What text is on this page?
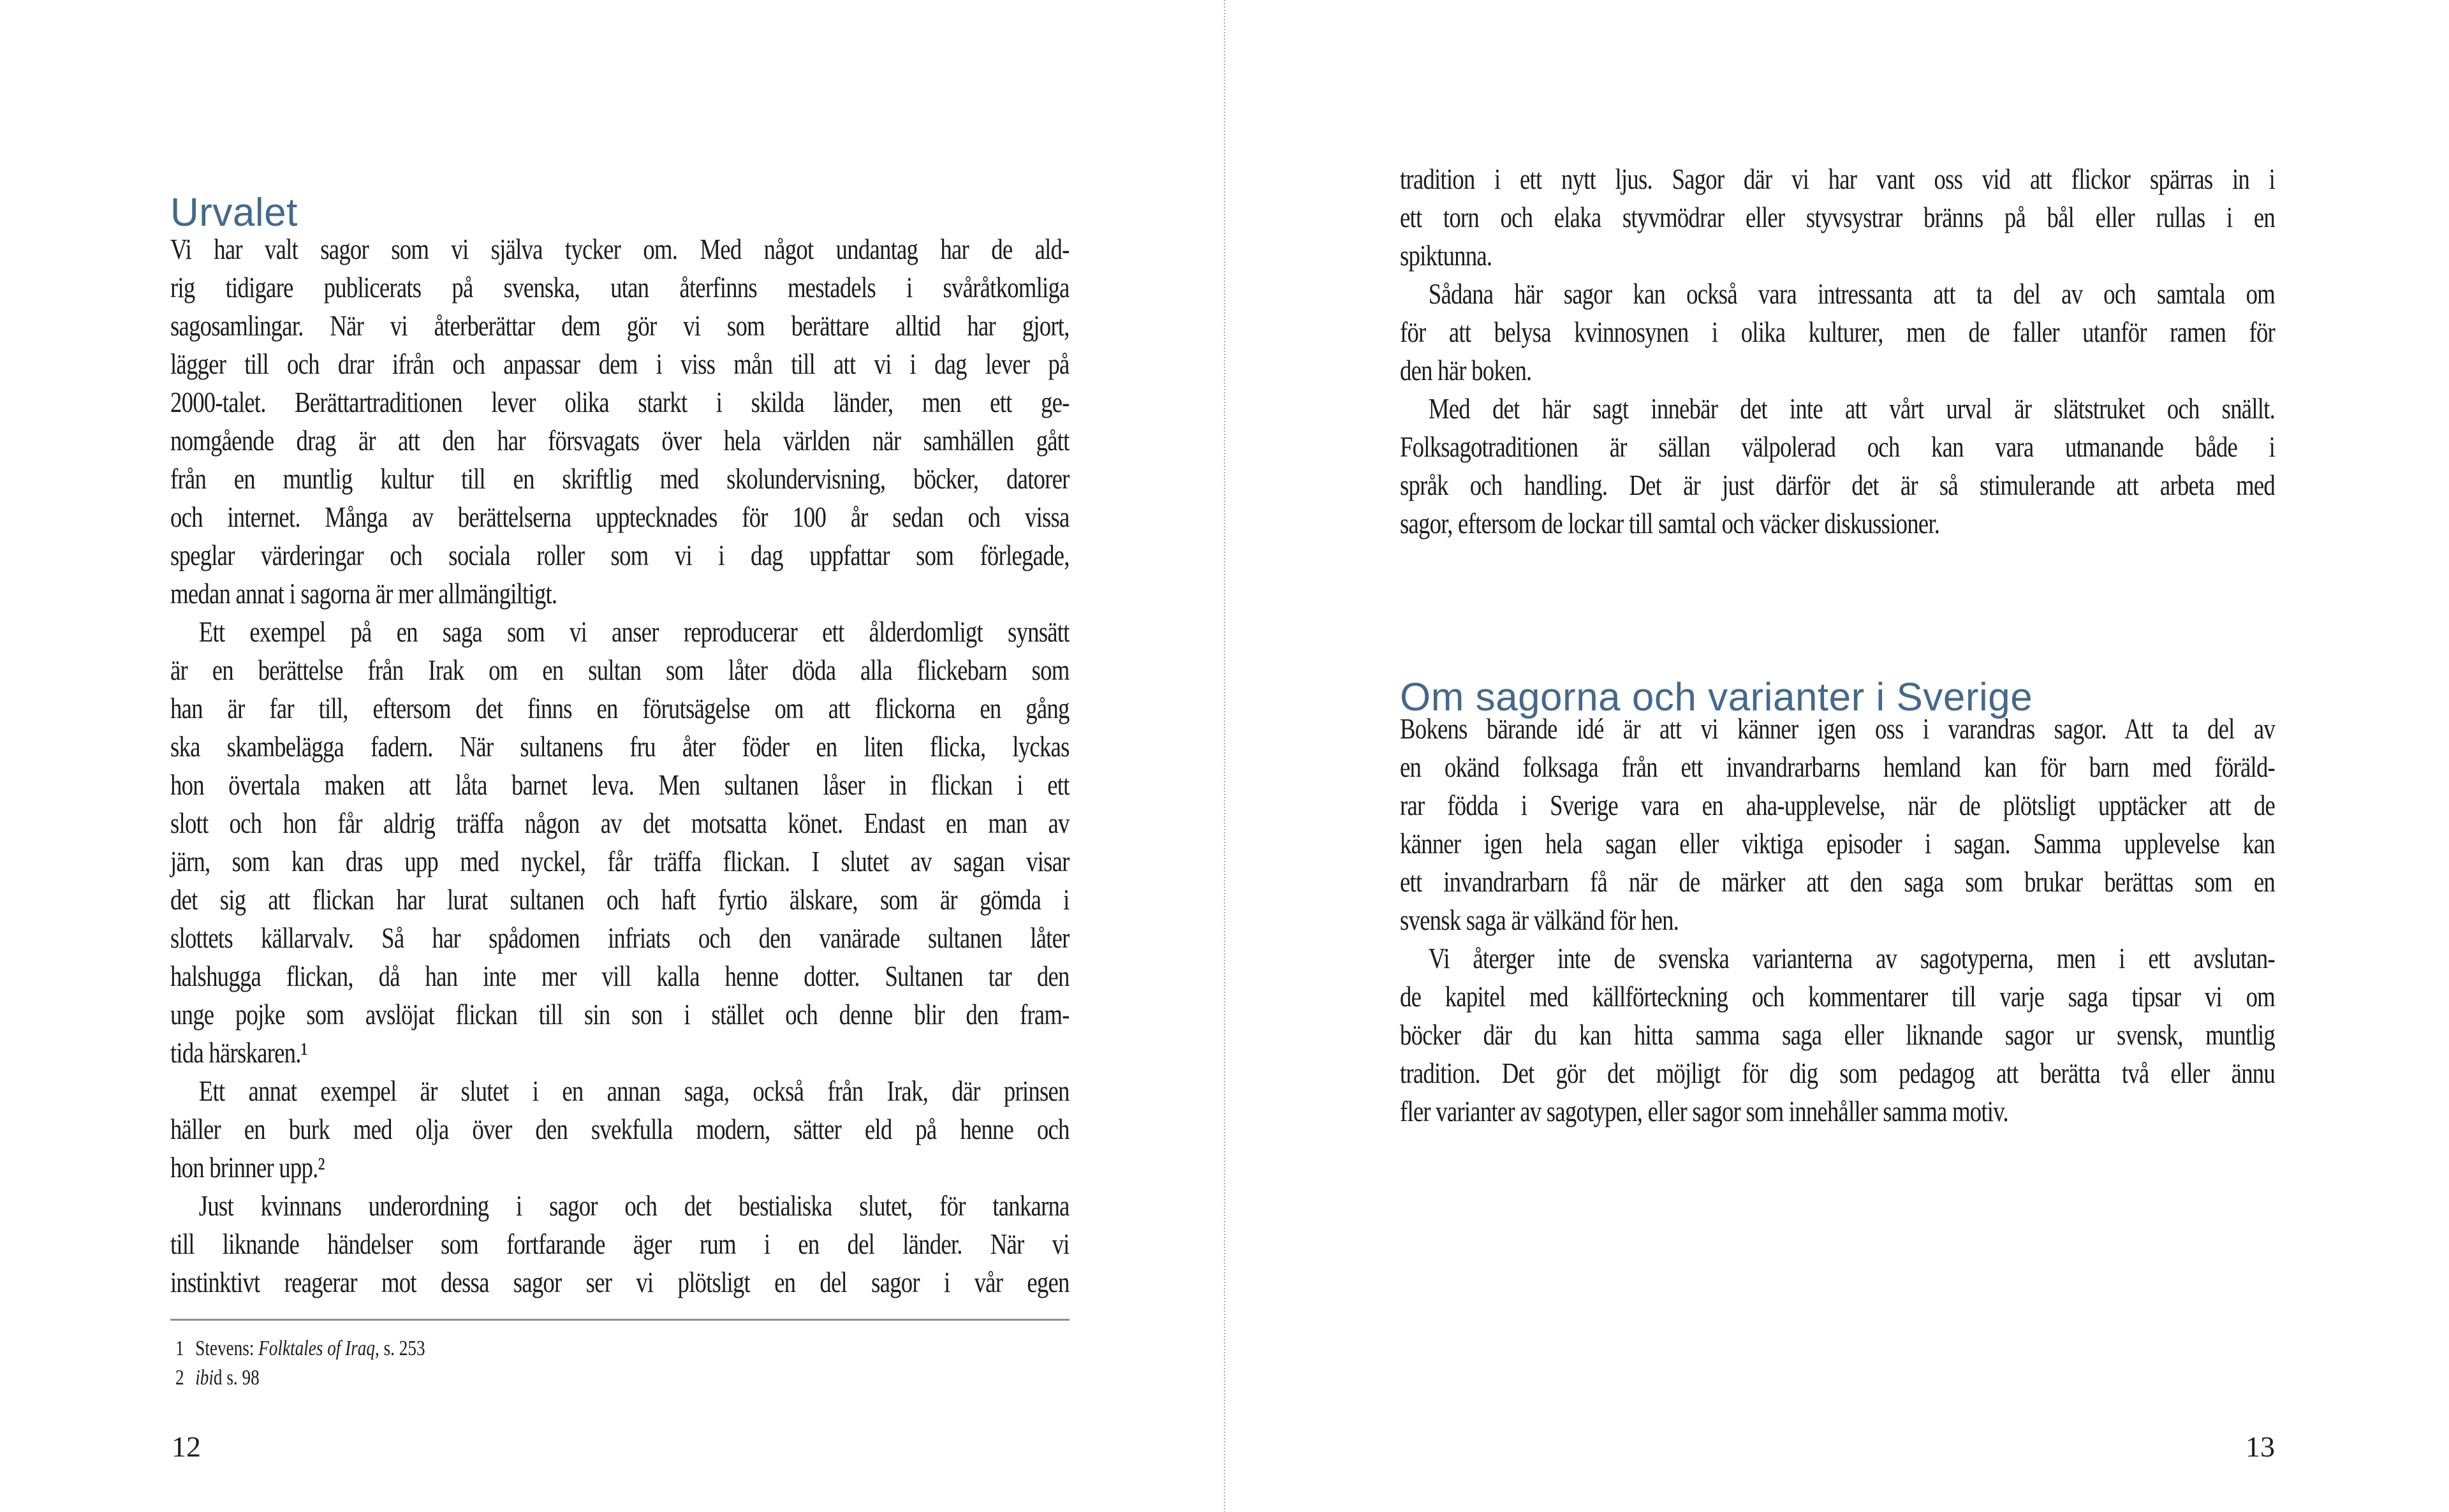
Urvalet
Vi har valt sagor som vi själva tycker om. Med något undantag har de ald-
rig tidigare publicerats på svenska, utan återfinns mestadels i svåråtkomliga
sagosamlingar. När vi återberättar dem gör vi som berättare alltid har gjort,
lägger till och drar ifrån och anpassar dem i viss mån till att vi i dag lever på
2000-talet. Berättartraditionen lever olika starkt i skilda länder, men ett ge-
nomgående drag är att den har försvagats över hela världen när samhällen gått
från en muntlig kultur till en skriftlig med skolundervisning, böcker, datorer
och internet. Många av berättelserna upptecknades för 100 år sedan och vissa
speglar värderingar och sociala roller som vi i dag uppfattar som förlegade,
medan annat i sagorna är mer allmängiltigt.
Ett exempel på en saga som vi anser reproducerar ett ålderdomligt synsätt
är en berättelse från Irak om en sultan som låter döda alla flickebarn som
han är far till, eftersom det finns en förutsägelse om att flickorna en gång
ska skambelägga fadern. När sultanens fru åter föder en liten flicka, lyckas
hon övertala maken att låta barnet leva. Men sultanen låser in flickan i ett
slott och hon får aldrig träffa någon av det motsatta könet. Endast en man av
järn, som kan dras upp med nyckel, får träffa flickan. I slutet av sagan visar
det sig att flickan har lurat sultanen och haft fyrtio älskare, som är gömda i
slottets källarvalv. Så har spådomen infriats och den vanärade sultanen låter
halshugga flickan, då han inte mer vill kalla henne dotter. Sultanen tar den
unge pojke som avslöjat flickan till sin son i stället och denne blir den fram-
tida härskaren.¹
Ett annat exempel är slutet i en annan saga, också från Irak, där prinsen
häller en burk med olja över den svekfulla modern, sätter eld på henne och
hon brinner upp.²
Just kvinnans underordning i sagor och det bestialiska slutet, för tankarna
till liknande händelser som fortfarande äger rum i en del länder. När vi
instinktivt reagerar mot dessa sagor ser vi plötsligt en del sagor i vår egen
1 Stevens: Folktales of Iraq, s. 253
2 ibid s. 98
12
tradition i ett nytt ljus. Sagor där vi har vant oss vid att flickor spärras in i
ett torn och elaka styvmödrar eller styvsystrar bränns på bål eller rullas i en
spiktunna.
Sådana här sagor kan också vara intressanta att ta del av och samtala om
för att belysa kvinnosynen i olika kulturer, men de faller utanför ramen för
den här boken.
Med det här sagt innebär det inte att vårt urval är slätstruket och snällt.
Folksagotraditionen är sällan välpolerad och kan vara utmanande både i
språk och handling. Det är just därför det är så stimulerande att arbeta med
sagor, eftersom de lockar till samtal och väcker diskussioner.
Om sagorna och varianter i Sverige
Bokens bärande idé är att vi känner igen oss i varandras sagor. Att ta del av
en okänd folksaga från ett invandrarbarns hemland kan för barn med föräld-
rar födda i Sverige vara en aha-upplevelse, när de plötsligt upptäcker att de
känner igen hela sagan eller viktiga episoder i sagan. Samma upplevelse kan
ett invandrarbarn få när de märker att den saga som brukar berättas som en
svensk saga är välkänd för hen.
Vi återger inte de svenska varianterna av sagotyperna, men i ett avslutan-
de kapitel med källförteckning och kommentarer till varje saga tipsar vi om
böcker där du kan hitta samma saga eller liknande sagor ur svensk, muntlig
tradition. Det gör det möjligt för dig som pedagog att berätta två eller ännu
fler varianter av sagotypen, eller sagor som innehåller samma motiv.
13
